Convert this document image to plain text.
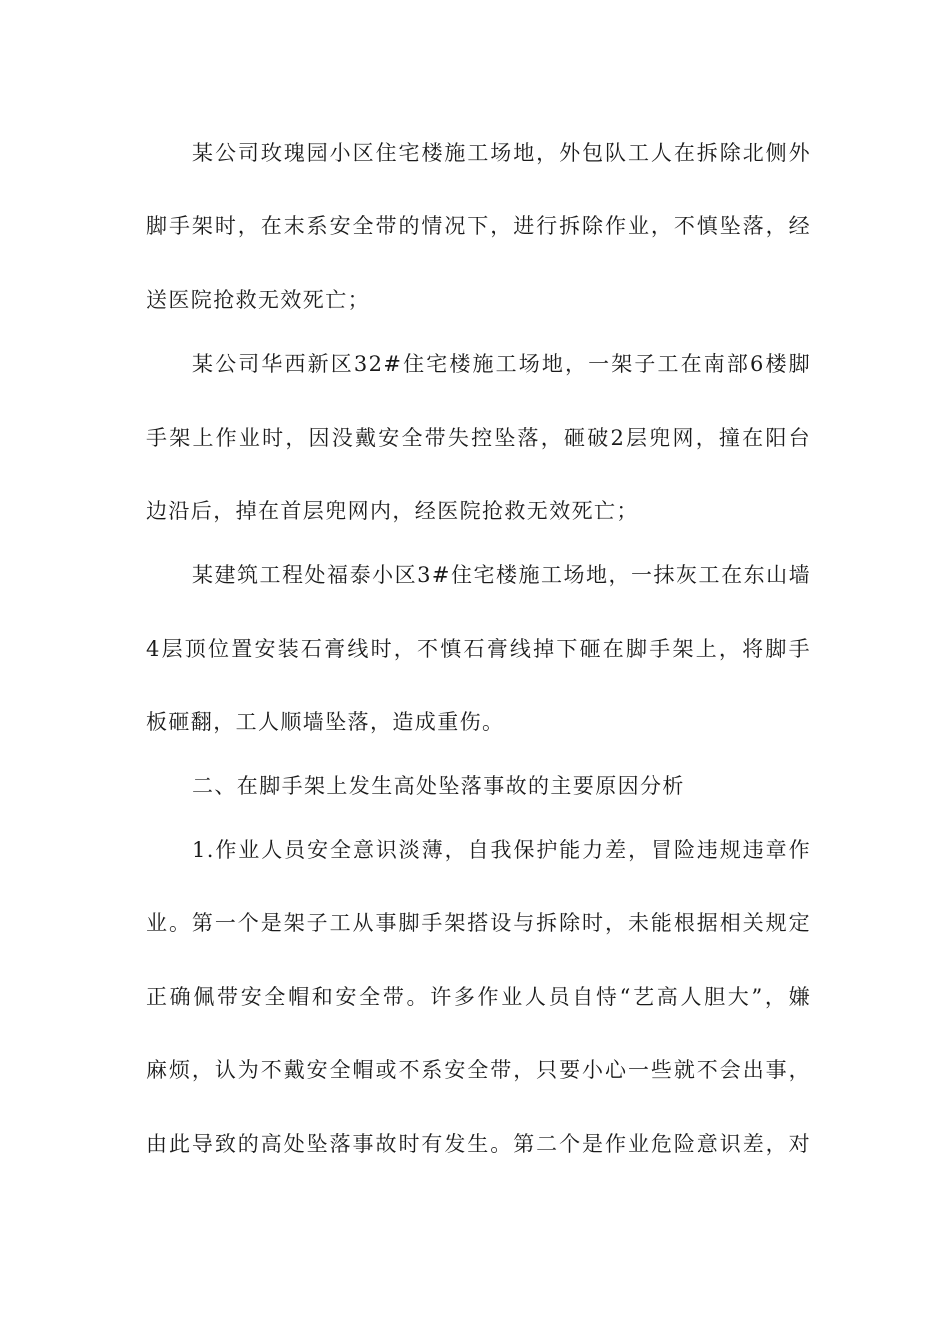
某公司玫瑰园小区住宅楼施工场地，外包队工人在拆除北侧外
脚手架时，在末系安全带的情况下，进行拆除作业，不慎坠落，经
送医院抢救无效死亡；
某公司华西新区32#住宅楼施工场地，一架子工在南部6楼脚
手架上作业时，因没戴安全带失控坠落，砸破2层兜网，撞在阳台
边沿后，掉在首层兜网内，经医院抢救无效死亡；
某建筑工程处福泰小区3#住宅楼施工场地，一抹灰工在东山墙
4层顶位置安装石膏线时，不慎石膏线掉下砸在脚手架上，将脚手
板砸翻，工人顺墙坠落，造成重伤。
二、在脚手架上发生高处坠落事故的主要原因分析
1.作业人员安全意识淡薄，自我保护能力差，冒险违规违章作
业。第一个是架子工从事脚手架搭设与拆除时，未能根据相关规定
正确佩带安全帽和安全带。许多作业人员自恃“艺高人胆大”，嫌
麻烦，认为不戴安全帽或不系安全带，只要小心一些就不会出事，
由此导致的高处坠落事故时有发生。第二个是作业危险意识差，对
